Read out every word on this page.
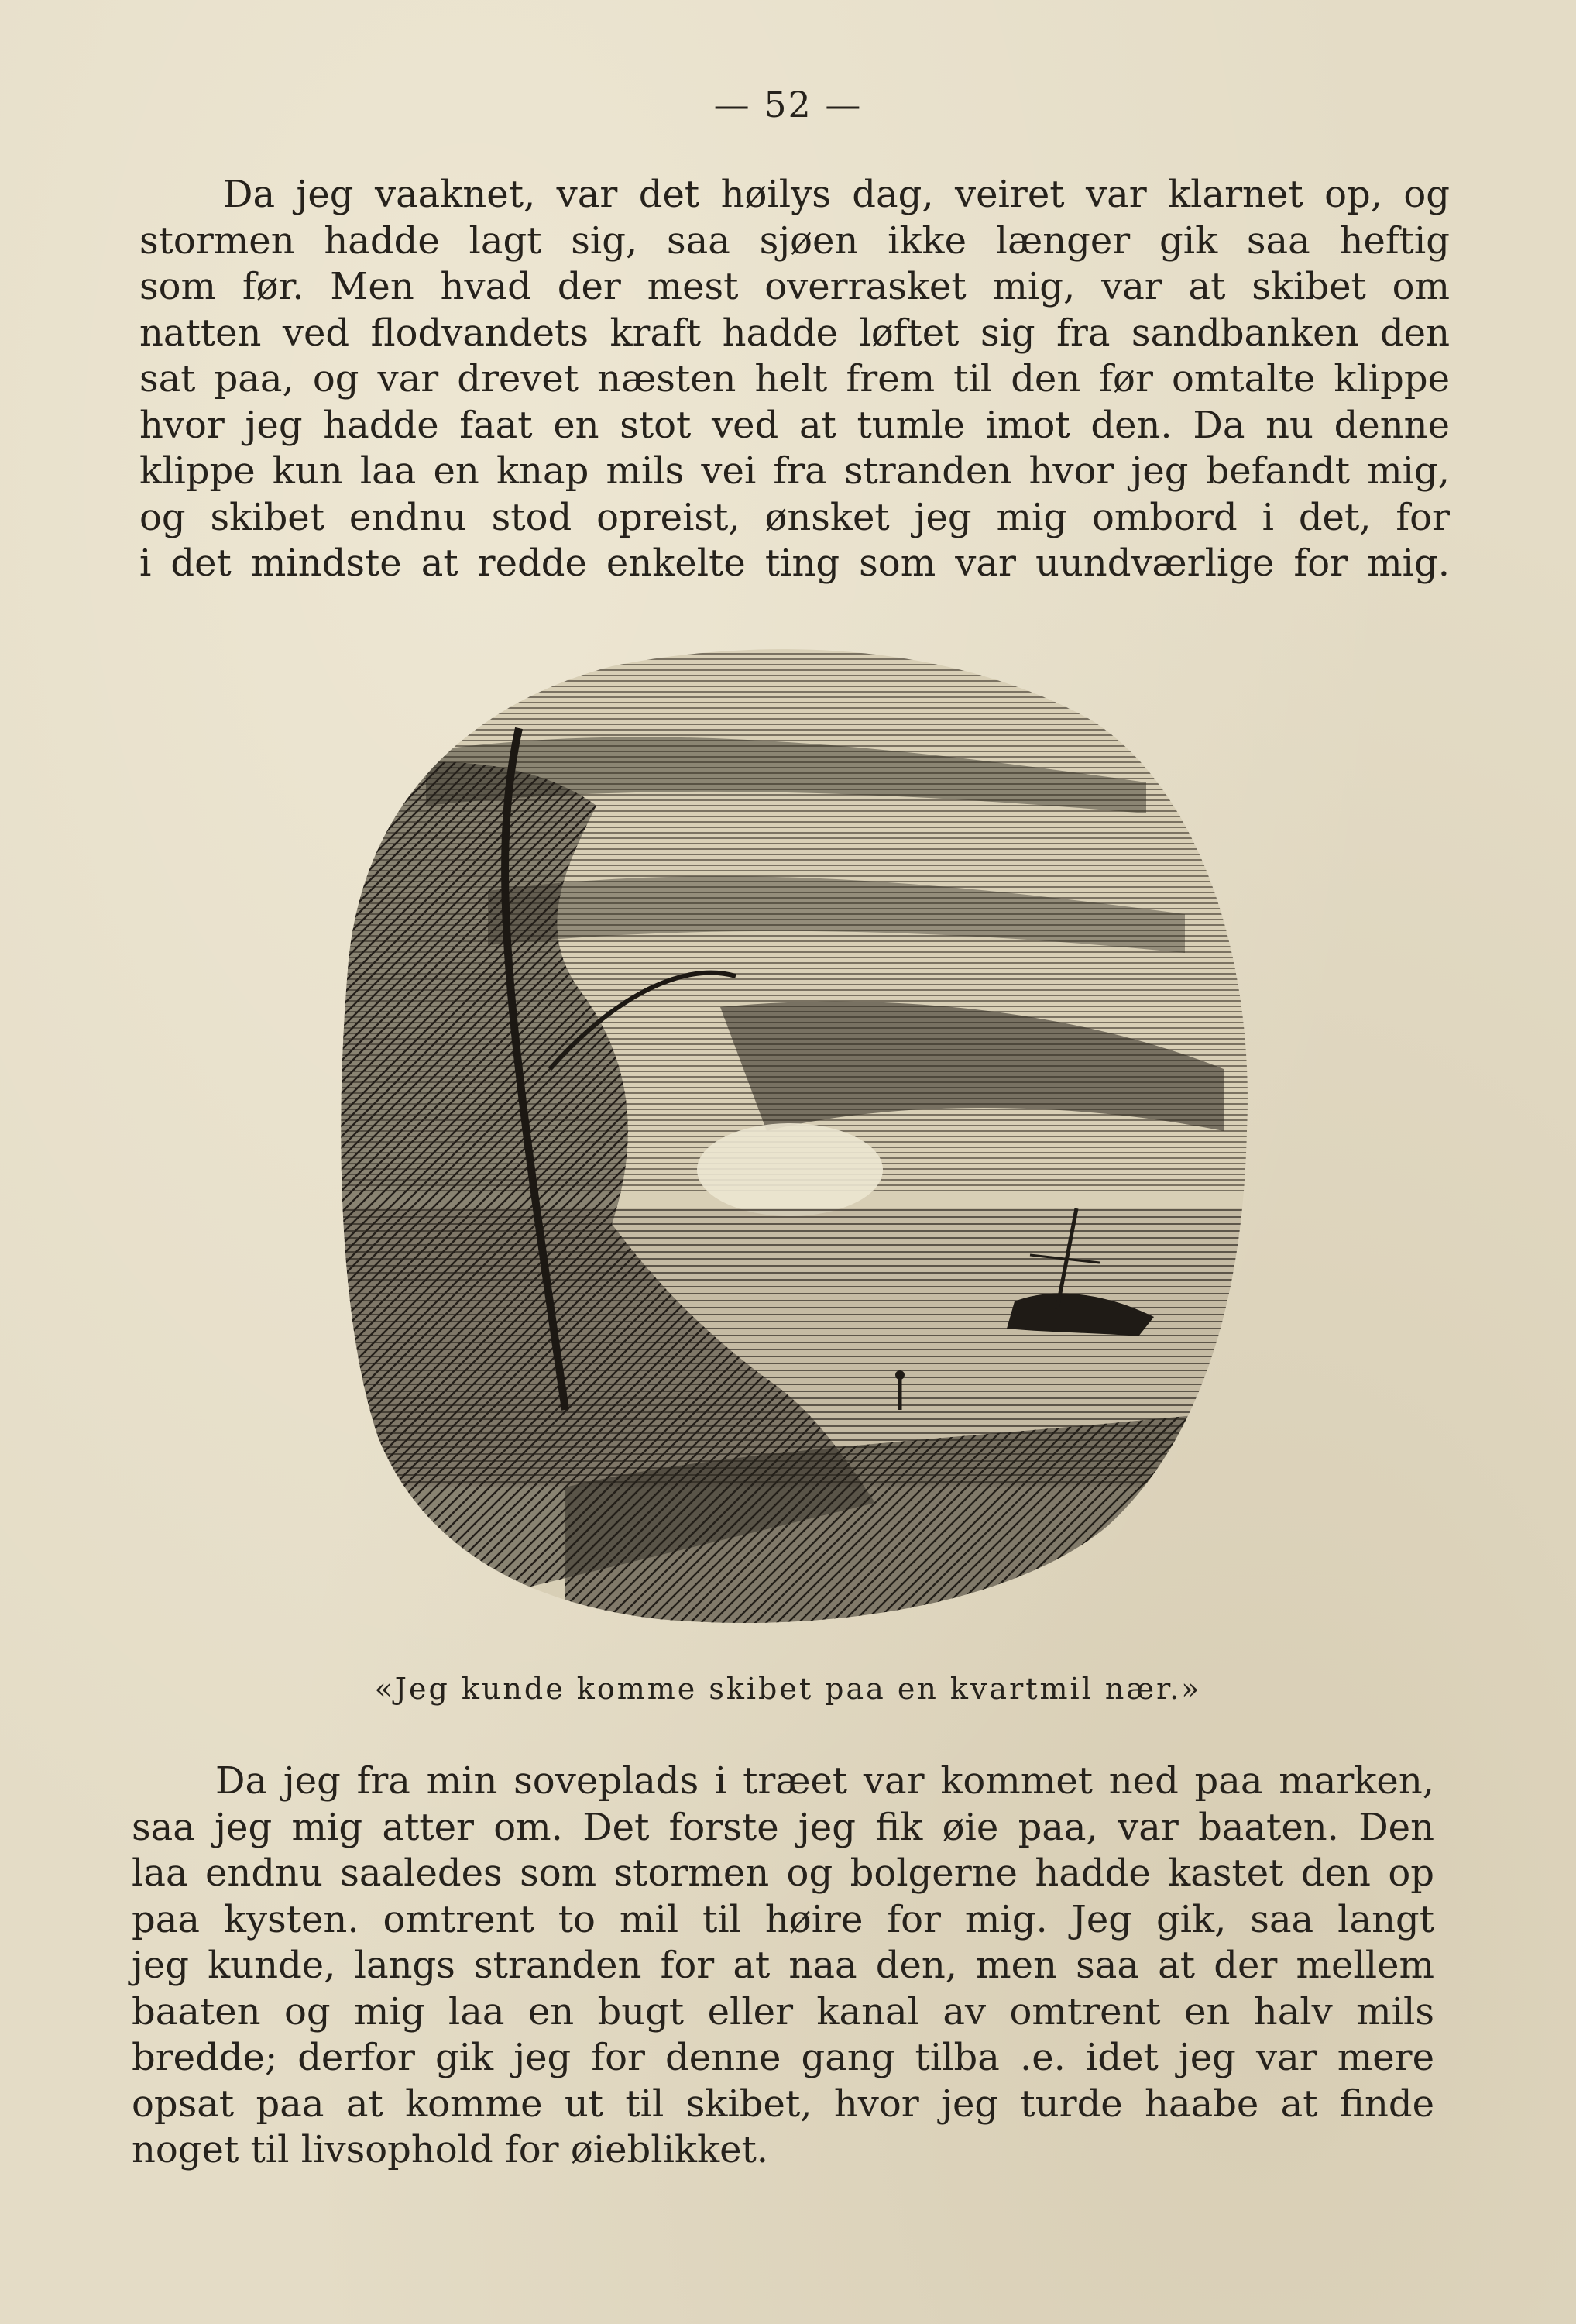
— 52 —
Da jeg vaaknet, var det høilys dag, veiret var klarnet op, og
stormen hadde lagt sig, saa sjøen ikke længer gik saa heftig
som før. Men hvad der mest overrasket mig, var at skibet om
natten ved flodvandets kraft hadde løftet sig fra sandbanken den
sat paa, og var drevet næsten helt frem til den før omtalte klippe
hvor jeg hadde faat en stot ved at tumle imot den. Da nu denne
klippe kun laa en knap mils vei fra stranden hvor jeg befandt mig,
og skibet endnu stod opreist, ønsket jeg mig ombord i det, for
i det mindste at redde enkelte ting som var uundværlige for mig.
«Jeg kunde komme skibet paa en kvartmil nær.»
Da jeg fra min soveplads i træet var kommet ned paa marken,
saa jeg mig atter om. Det forste jeg fik øie paa, var baaten. Den
laa endnu saaledes som stormen og bolgerne hadde kastet den op
paa kysten. omtrent to mil til høire for mig. Jeg gik, saa langt
jeg kunde, langs stranden for at naa den, men saa at der mellem
baaten og mig laa en bugt eller kanal av omtrent en halv mils
bredde; derfor gik jeg for denne gang tilba .e. idet jeg var mere
opsat paa at komme ut til skibet, hvor jeg turde haabe at finde
noget til livsophold for øieblikket.
